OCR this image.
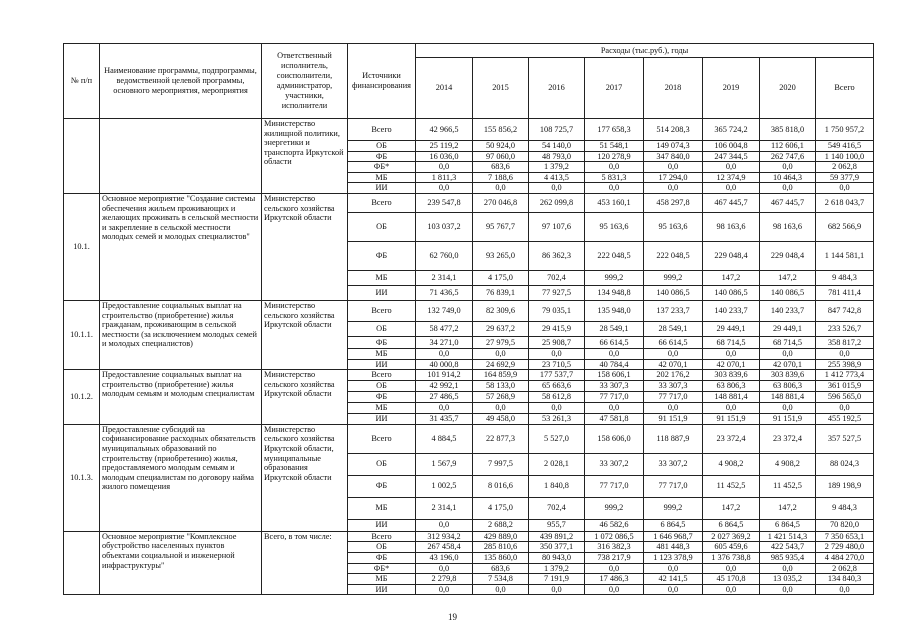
№ п/п	Наименование программы, подпрограммы, ведомственной целевой программы, основного мероприятия, мероприятия	Ответственный исполнитель, соисполнители, администратор, участники, исполнители	Источники финансирования	Расходы (тыс.руб.), годы							
				2014	2015	2016	2017	2018	2019	2020	Всего
		Министерство жилищной политики, энергетики и транспорта Иркутской области	Всего	42 966,5	155 856,2	108 725,7	177 658,3	514 208,3	365 724,2	385 818,0	1 750 957,2
			ОБ	25 119,2	50 924,0	54 140,0	51 548,1	149 074,3	106 004,8	112 606,1	549 416,5
			ФБ	16 036,0	97 060,0	48 793,0	120 278,9	347 840,0	247 344,5	262 747,6	1 140 100,0
			ФБ*	0,0	683,6	1 379,2	0,0	0,0	0,0	0,0	2 062,8
			МБ	1 811,3	7 188,6	4 413,5	5 831,3	17 294,0	12 374,9	10 464,3	59 377,9
			ИИ	0,0	0,0	0,0	0,0	0,0	0,0	0,0	0,0
10.1.	Основное мероприятие "Создание системы обеспечения жильем проживающих и желающих проживать в сельской местности и закрепление в сельской местности молодых семей и молодых специалистов"	Министерство сельского хозяйства Иркутской области	Всего	239 547,8	270 046,8	262 099,8	453 160,1	458 297,8	467 445,7	467 445,7	2 618 043,7
			ОБ	103 037,2	95 767,7	97 107,6	95 163,6	95 163,6	98 163,6	98 163,6	682 566,9
			ФБ	62 760,0	93 265,0	86 362,3	222 048,5	222 048,5	229 048,4	229 048,4	1 144 581,1
			МБ	2 314,1	4 175,0	702,4	999,2	999,2	147,2	147,2	9 484,3
			ИИ	71 436,5	76 839,1	77 927,5	134 948,8	140 086,5	140 086,5	140 086,5	781 411,4
10.1.1.	Предоставление социальных выплат на строительство (приобретение) жилья гражданам, проживающим в сельской местности (за исключением молодых семей и молодых специалистов)	Министерство сельского хозяйства Иркутской области	Всего	132 749,0	82 309,6	79 035,1	135 948,0	137 233,7	140 233,7	140 233,7	847 742,8
			ОБ	58 477,2	29 637,2	29 415,9	28 549,1	28 549,1	29 449,1	29 449,1	233 526,7
			ФБ	34 271,0	27 979,5	25 908,7	66 614,5	66 614,5	68 714,5	68 714,5	358 817,2
			МБ	0,0	0,0	0,0	0,0	0,0	0,0	0,0	0,0
			ИИ	40 000,8	24 692,9	23 710,5	40 784,4	42 070,1	42 070,1	42 070,1	255 398,9
10.1.2.	Предоставление социальных выплат на строительство (приобретение) жилья молодым семьям и молодым специалистам	Министерство сельского хозяйства Иркутской области	Всего	101 914,2	164 859,9	177 537,7	158 606,1	202 176,2	303 839,6	303 839,6	1 412 773,4
			ОБ	42 992,1	58 133,0	65 663,6	33 307,3	33 307,3	63 806,3	63 806,3	361 015,9
			ФБ	27 486,5	57 268,9	58 612,8	77 717,0	77 717,0	148 881,4	148 881,4	596 565,0
			МБ	0,0	0,0	0,0	0,0	0,0	0,0	0,0	0,0
			ИИ	31 435,7	49 458,0	53 261,3	47 581,8	91 151,9	91 151,9	91 151,9	455 192,5
10.1.3.	Предоставление субсидий на софинансирование расходных обязательств муниципальных образований по строительству (приобретению) жилья, предоставляемого молодым семьям и молодым специалистам по договору найма жилого помещения	Министерство сельского хозяйства Иркутской области, муниципальные образования Иркутской области	Всего	4 884,5	22 877,3	5 527,0	158 606,0	118 887,9	23 372,4	23 372,4	357 527,5
			ОБ	1 567,9	7 997,5	2 028,1	33 307,2	33 307,2	4 908,2	4 908,2	88 024,3
			ФБ	1 002,5	8 016,6	1 840,8	77 717,0	77 717,0	11 452,5	11 452,5	189 198,9
			МБ	2 314,1	4 175,0	702,4	999,2	999,2	147,2	147,2	9 484,3
			ИИ	0,0	2 688,2	955,7	46 582,6	6 864,5	6 864,5	6 864,5	70 820,0
	Основное мероприятие "Комплексное обустройство населенных пунктов объектами социальной и инженерной инфраструктуры"	Всего, в том числе:	Всего	312 934,2	429 889,0	439 891,2	1 072 086,5	1 646 968,7	2 027 369,2	1 421 514,3	7 350 653,1
			ОБ	267 458,4	285 810,6	350 377,1	316 382,3	481 448,3	605 459,6	422 543,7	2 729 480,0
			ФБ	43 196,0	135 860,0	80 943,0	738 217,9	1 123 378,9	1 376 738,8	985 935,4	4 484 270,0
			ФБ*	0,0	683,6	1 379,2	0,0	0,0	0,0	0,0	2 062,8
			МБ	2 279,8	7 534,8	7 191,9	17 486,3	42 141,5	45 170,8	13 035,2	134 840,3
			ИИ	0,0	0,0	0,0	0,0	0,0	0,0	0,0	0,0
19
